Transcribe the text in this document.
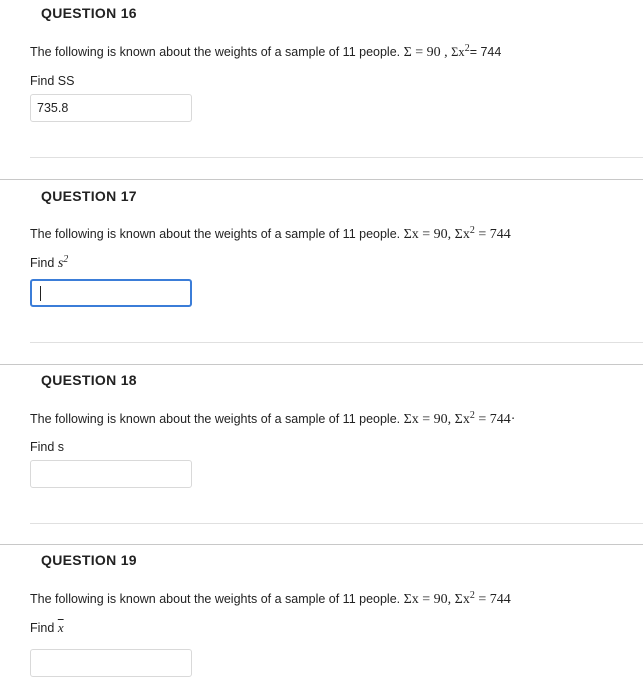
QUESTION 16
The following is known about the weights of a sample of 11 people. Σ = 90 , $\Sigma x^2= 744$
Find SS
735.8
QUESTION 17
The following is known about the weights of a sample of 11 people. Σx = 90, $\Sigma x^2 = 744$
Find $s^2$
QUESTION 18
The following is known about the weights of a sample of 11 people. Σx = 90, $\Sigma x^2 = 744\cdot$
Find s
QUESTION 19
The following is known about the weights of a sample of 11 people. Σx = 90, $\Sigma x^2 = 744$
Find $\overline{x}$
